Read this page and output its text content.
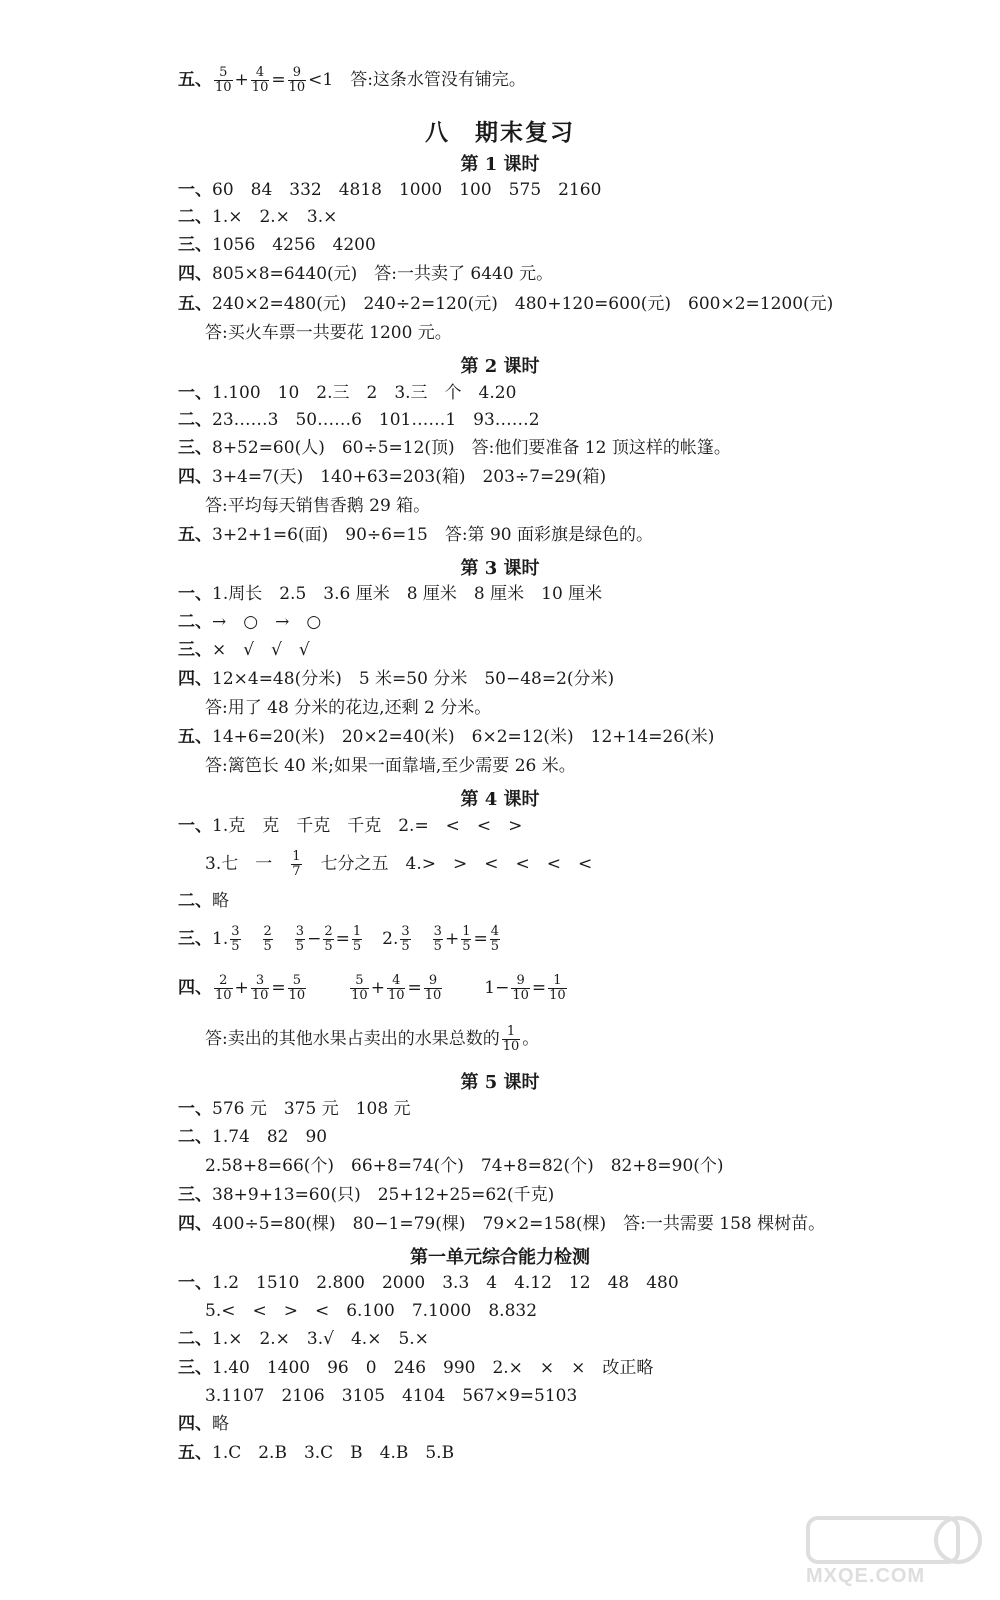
五、 $\frac{5}{10} + \frac{4}{10} = \frac{9}{10} <1$　 答:这条水管没有铺完。
八　期末复习
第 1 课时
一、60　84　332　4818　1000　100　575　2160
二、1.×　2.×　3.×
三、1056　4256　4200
四、805×8=6440(元)　答:一共卖了 6440 元。
五、240×2=480(元)　240÷2=120(元)　480+120=600(元)　600×2=1200(元)
答:买火车票一共要花 1200 元。
第 2 课时
一、1.100　10　2.三　2　3.三　个　4.20
二、23……3　50……6　101……1　93……2
三、8+52=60(人)　60÷5=12(顶)　答:他们要准备 12 顶这样的帐篷。
四、3+4=7(天)　140+63=203(箱)　203÷7=29(箱)
答:平均每天销售香鹅 29 箱。
五、3+2+1=6(面)　90÷6=15　答:第 90 面彩旗是绿色的。
第 3 课时
一、1.周长　2.5　3.6 厘米　8 厘米　8 厘米　10 厘米
二、→　○　→　○
三、×　√　√　√
四、12×4=48(分米)　5 米=50 分米　50−48=2(分米)
答:用了 48 分米的花边,还剩 2 分米。
五、14+6=20(米)　20×2=40(米)　6×2=12(米)　12+14=26(米)
答:篱笆长 40 米;如果一面靠墙,至少需要 26 米。
第 4 课时
一、1.克　克　千克　千克　2.=　<　<　>
3.七　一　 $\frac{1}{7}$
　 七分之五　4.>　>　<　<　<　<
二、略
三、1. $\frac{3}{5} \frac{2}{5} \frac{3}{5} - \frac{2}{5} = \frac{1}{5} 2$. $\frac{3}{5} \frac{3}{5} + \frac{1}{5} = \frac{4}{5}$
四、 $\frac{2}{10} + \frac{3}{10} = \frac{5}{10}$	$\frac{5}{10} + \frac{4}{10} = \frac{9}{10} 1- \frac{9}{10} = \frac{1}{10}$
答:卖出的其他水果占卖出的水果总数的 $\frac{1}{10}$ 。
第 5 课时
一、576 元　375 元　108 元
二、1.74　82　90
2.58+8=66(个)　66+8=74(个)　74+8=82(个)　82+8=90(个)
三、38+9+13=60(只)　25+12+25=62(千克)
四、400÷5=80(棵)　80−1=79(棵)　79×2=158(棵)　答:一共需要 158 棵树苗。
第一单元综合能力检测
一、1.2　1510　2.800　2000　3.3　4　4.12　12　48　480
5.<　<　>　<　6.100　7.1000　8.832
二、1.×　2.×　3.√　4.×　5.×
三、1.40　1400　96　0　246　990　2.×　×　×　改正略
3.1107　2106　3105　4104　567×9=5103
四、略
五、1.C　2.B　3.C　B　4.B　5.B
MXQE.COM
